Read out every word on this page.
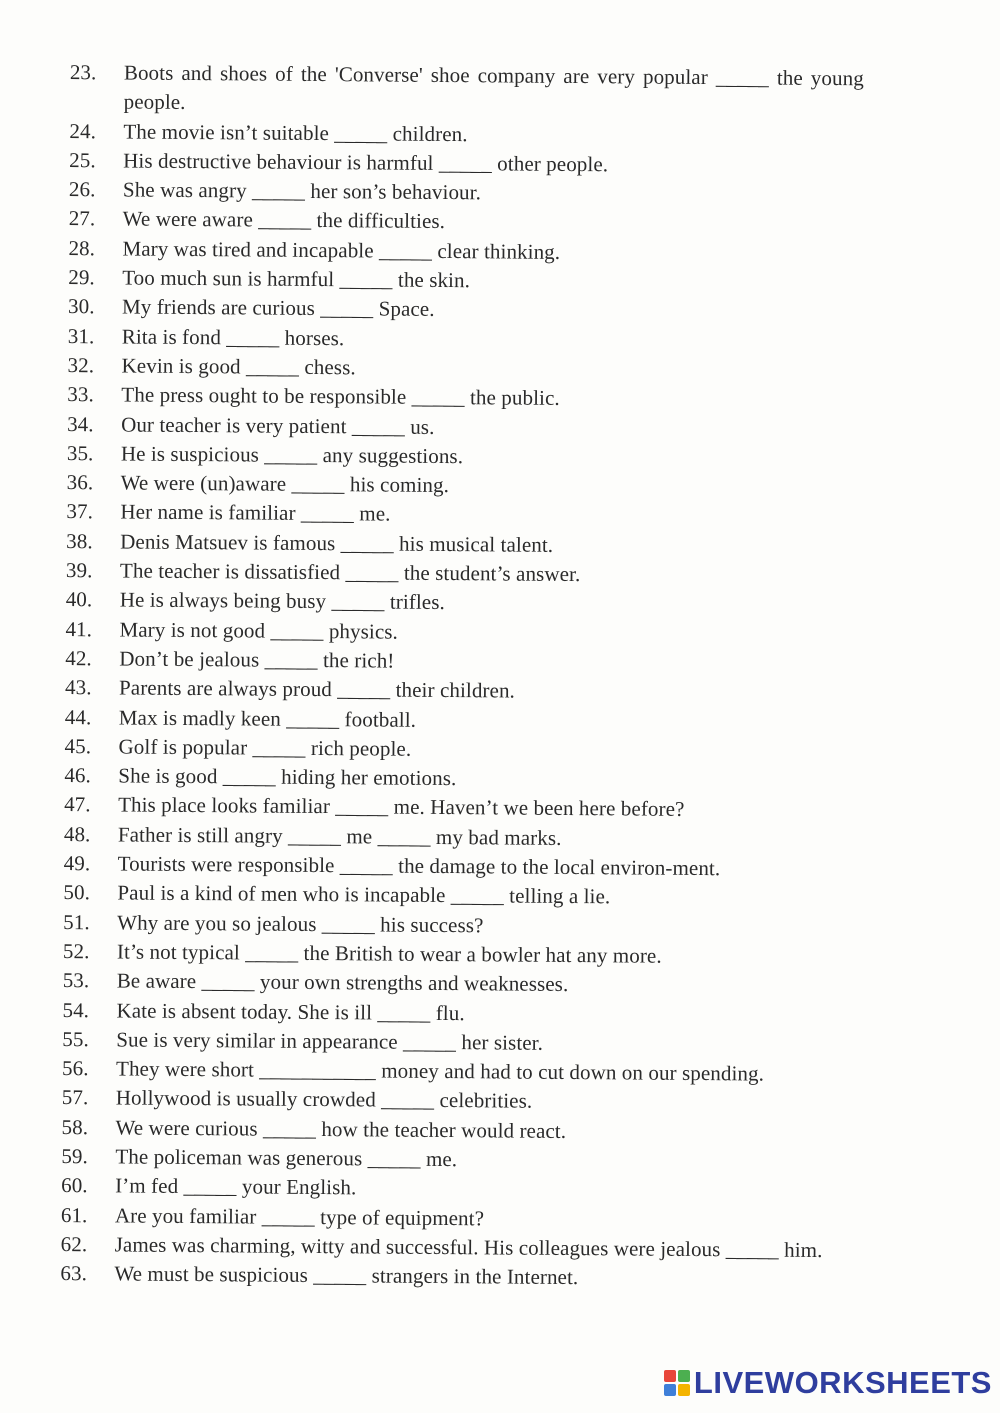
23.	Boots and shoes of the 'Converse' shoe company are very popular _____ the young people.
24.	The movie isn’t suitable _____ children.
25.	His destructive behaviour is harmful _____ other people.
26.	She was angry _____ her son’s behaviour.
27.	We were aware _____ the difficulties.
28.	Mary was tired and incapable _____ clear thinking.
29.	Too much sun is harmful _____ the skin.
30.	My friends are curious _____ Space.
31.	Rita is fond _____ horses.
32.	Kevin is good _____ chess.
33.	The press ought to be responsible _____ the public.
34.	Our teacher is very patient _____ us.
35.	He is suspicious _____ any suggestions.
36.	We were (un)aware _____ his coming.
37.	Her name is familiar _____ me.
38.	Denis Matsuev is famous _____ his musical talent.
39.	The teacher is dissatisfied _____ the student’s answer.
40.	He is always being busy _____ trifles.
41.	Mary is not good _____ physics.
42.	Don’t be jealous _____ the rich!
43.	Parents are always proud _____ their children.
44.	Max is madly keen _____ football.
45.	Golf is popular _____ rich people.
46.	She is good _____ hiding her emotions.
47.	This place looks familiar _____ me. Haven’t we been here before?
48.	Father is still angry _____ me _____ my bad marks.
49.	Tourists were responsible _____ the damage to the local environ-ment.
50.	Paul is a kind of men who is incapable _____ telling a lie.
51.	Why are you so jealous _____ his success?
52.	It’s not typical _____ the British to wear a bowler hat any more.
53.	Be aware _____ your own strengths and weaknesses.
54.	Kate is absent today. She is ill _____ flu.
55.	Sue is very similar in appearance _____ her sister.
56.	They were short ___________ money and had to cut down on our spending.
57.	Hollywood is usually crowded _____ celebrities.
58.	We were curious _____ how the teacher would react.
59.	The policeman was generous _____ me.
60.	I’m fed _____ your English.
61.	Are you familiar _____ type of equipment?
62.	James was charming, witty and successful. His colleagues were jealous _____ him.
63.	We must be suspicious _____ strangers in the Internet.
LIVEWORKSHEETS
